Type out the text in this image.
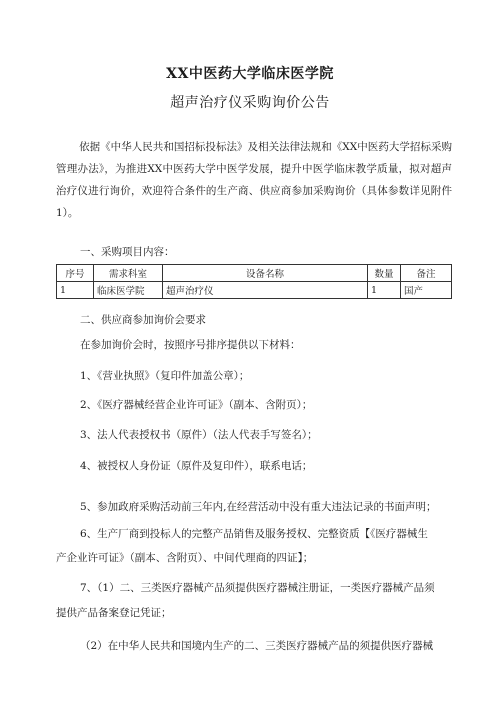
XX中医药大学临床医学院
超声治疗仪采购询价公告
依据《中华人民共和国招标投标法》及相关法律法规和《XX中医药大学招标采购管理办法》，为推进XX中医药大学中医学发展，提升中医学临床教学质量，拟对超声治疗仪进行询价，欢迎符合条件的生产商、供应商参加采购询价（具体参数详见附件1）。
一、采购项目内容：
序号	需求科室	设备名称	数量	备注
1	临床医学院	超声治疗仪	1	国产
二、供应商参加询价会要求
在参加询价会时，按照序号排序提供以下材料：
1、《营业执照》（复印件加盖公章）；
2、《医疗器械经营企业许可证》（副本、含附页）；
3、法人代表授权书（原件）（法人代表手写签名）；
4、被授权人身份证（原件及复印件），联系电话；
5、参加政府采购活动前三年内,在经营活动中没有重大违法记录的书面声明；
6、生产厂商到投标人的完整产品销售及服务授权、完整资质【《医疗器械生
产企业许可证》（副本、含附页）、中间代理商的四证】；
7、（1）二、三类医疗器械产品须提供医疗器械注册证，一类医疗器械产品须
提供产品备案登记凭证；
（2）在中华人民共和国境内生产的二、三类医疗器械产品的须提供医疗器械
